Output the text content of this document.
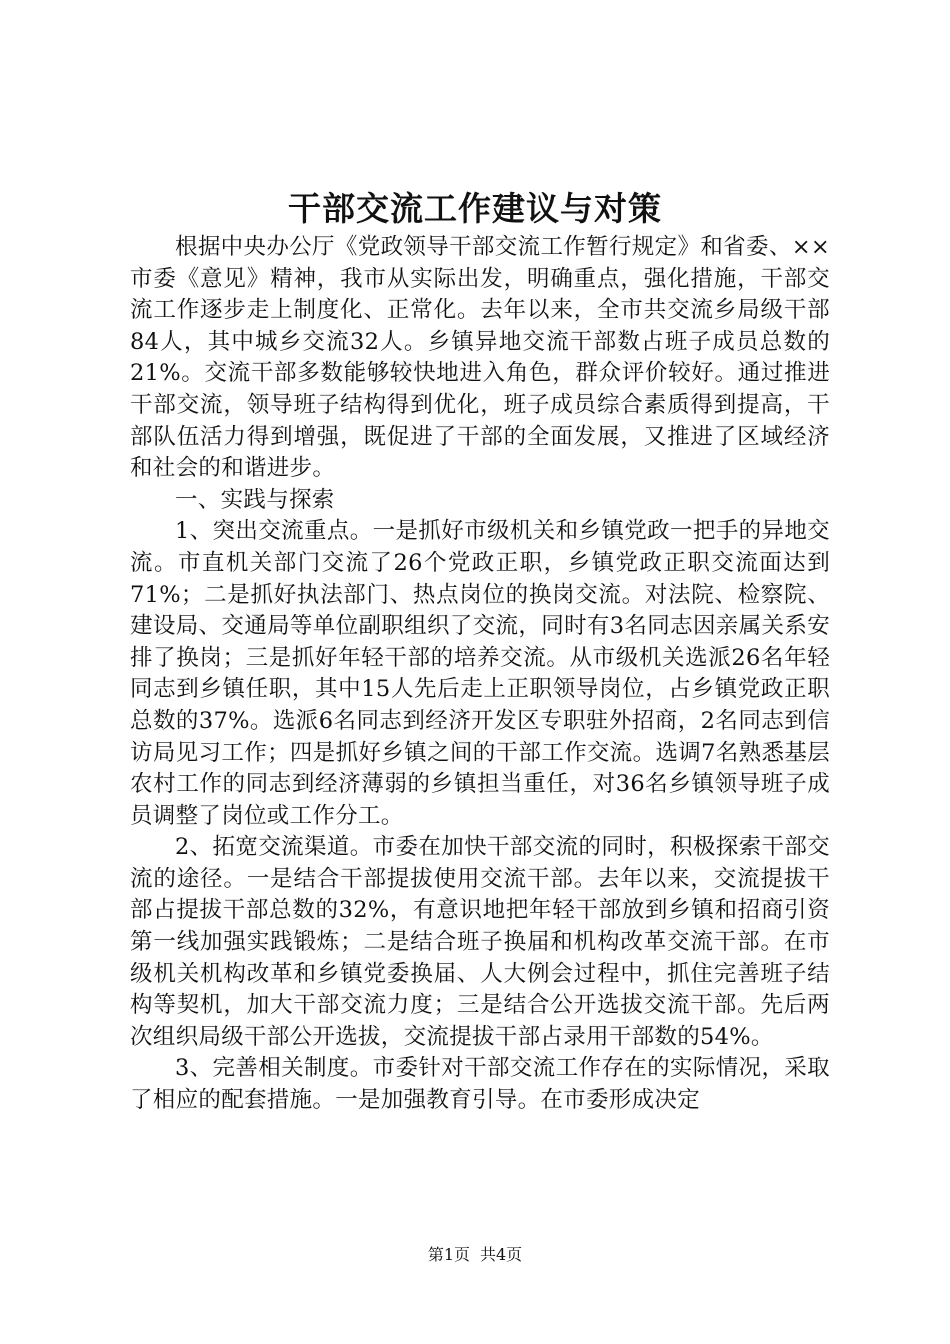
干部交流工作建议与对策

根据中央办公厅《党政领导干部交流工作暂行规定》和省委、××市委《意见》精神，我市从实际出发，明确重点，强化措施，干部交流工作逐步走上制度化、正常化。去年以来，全市共交流乡局级干部84人，其中城乡交流32人。乡镇异地交流干部数占班子成员总数的21%。交流干部多数能够较快地进入角色，群众评价较好。通过推进干部交流，领导班子结构得到优化，班子成员综合素质得到提高，干部队伍活力得到增强，既促进了干部的全面发展，又推进了区域经济和社会的和谐进步。

一、实践与探索

1、突出交流重点。一是抓好市级机关和乡镇党政一把手的异地交流。市直机关部门交流了26个党政正职，乡镇党政正职交流面达到71%；二是抓好执法部门、热点岗位的换岗交流。对法院、检察院、建设局、交通局等单位副职组织了交流，同时有3名同志因亲属关系安排了换岗；三是抓好年轻干部的培养交流。从市级机关选派26名年轻同志到乡镇任职，其中15人先后走上正职领导岗位，占乡镇党政正职总数的37%。选派6名同志到经济开发区专职驻外招商，2名同志到信访局见习工作；四是抓好乡镇之间的干部工作交流。选调7名熟悉基层农村工作的同志到经济薄弱的乡镇担当重任，对36名乡镇领导班子成员调整了岗位或工作分工。

2、拓宽交流渠道。市委在加快干部交流的同时，积极探索干部交流的途径。一是结合干部提拔使用交流干部。去年以来，交流提拔干部占提拔干部总数的32%，有意识地把年轻干部放到乡镇和招商引资第一线加强实践锻炼；二是结合班子换届和机构改革交流干部。在市级机关机构改革和乡镇党委换届、人大例会过程中，抓住完善班子结构等契机，加大干部交流力度；三是结合公开选拔交流干部。先后两次组织局级干部公开选拔，交流提拔干部占录用干部数的54%。

3、完善相关制度。市委针对干部交流工作存在的实际情况，采取了相应的配套措施。一是加强教育引导。在市委形成决定

第1页 共4页
